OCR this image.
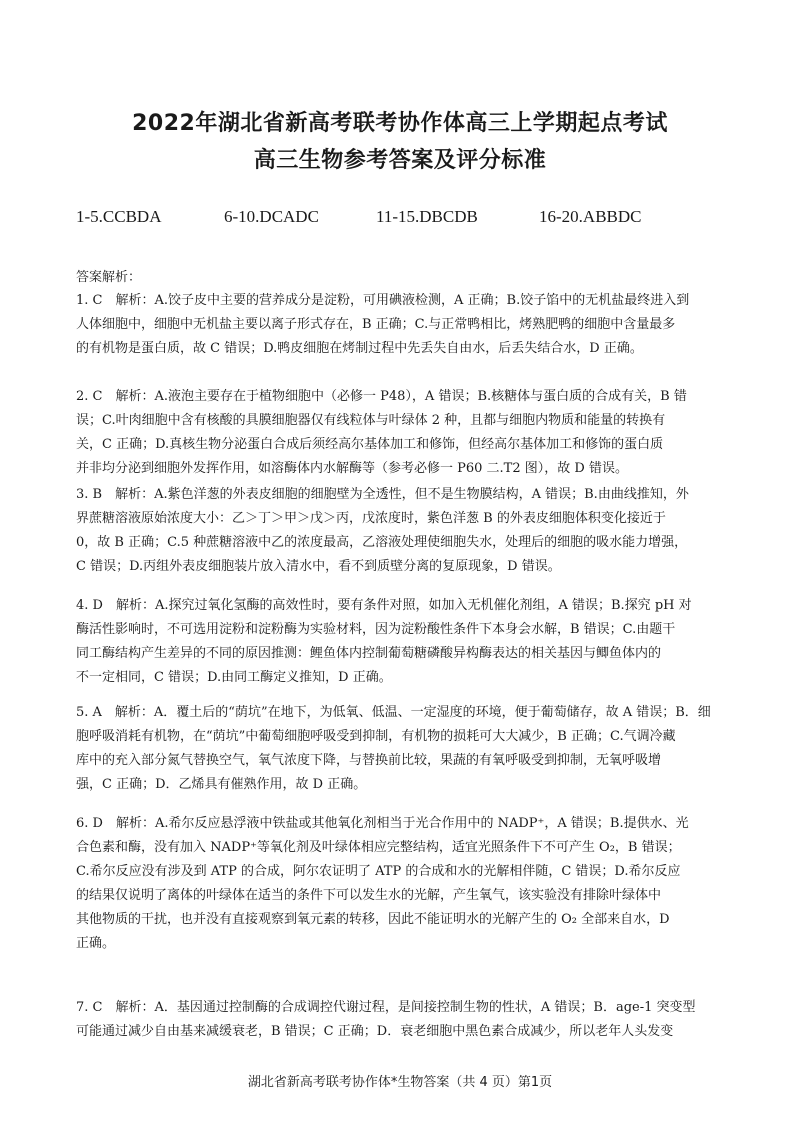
2022年湖北省新高考联考协作体高三上学期起点考试
高三生物参考答案及评分标准
1-5.CCBDA	6-10.DCADC	11-15.DBCDB	16-20.ABBDC
答案解析：
1. C　解析：A.饺子皮中主要的营养成分是淀粉，可用碘液检测，A 正确；B.饺子馅中的无机盐最终进入到
人体细胞中，细胞中无机盐主要以离子形式存在，B 正确；C.与正常鸭相比，烤熟肥鸭的细胞中含量最多
的有机物是蛋白质，故 C 错误；D.鸭皮细胞在烤制过程中先丢失自由水，后丢失结合水，D 正确。
2. C　解析：A.液泡主要存在于植物细胞中（必修一 P48），A 错误；B.核糖体与蛋白质的合成有关，B 错
误；C.叶肉细胞中含有核酸的具膜细胞器仅有线粒体与叶绿体 2 种，且都与细胞内物质和能量的转换有
关，C 正确；D.真核生物分泌蛋白合成后须经高尔基体加工和修饰，但经高尔基体加工和修饰的蛋白质
并非均分泌到细胞外发挥作用，如溶酶体内水解酶等（参考必修一 P60 二.T2 图），故 D 错误。
3. B　解析：A.紫色洋葱的外表皮细胞的细胞壁为全透性，但不是生物膜结构，A 错误；B.由曲线推知，外
界蔗糖溶液原始浓度大小：乙＞丁＞甲＞戊＞丙，戊浓度时，紫色洋葱 B 的外表皮细胞体积变化接近于
0，故 B 正确；C.5 种蔗糖溶液中乙的浓度最高，乙溶液处理使细胞失水，处理后的细胞的吸水能力增强，
C 错误；D.丙组外表皮细胞装片放入清水中，看不到质壁分离的复原现象，D 错误。
4. D　解析：A.探究过氧化氢酶的高效性时，要有条件对照，如加入无机催化剂组，A 错误；B.探究 pH 对
酶活性影响时，不可选用淀粉和淀粉酶为实验材料，因为淀粉酸性条件下本身会水解，B 错误；C.由题干
同工酶结构产生差异的不同的原因推测：鲤鱼体内控制葡萄糖磷酸异构酶表达的相关基因与鲫鱼体内的
不一定相同，C 错误；D.由同工酶定义推知，D 正确。
5. A　解析：A．覆土后的“荫坑”在地下，为低氧、低温、一定湿度的环境，便于葡萄储存，故 A 错误；B．细
胞呼吸消耗有机物，在“荫坑”中葡萄细胞呼吸受到抑制，有机物的损耗可大大减少，B 正确；C.气调冷藏
库中的充入部分氮气替换空气，氧气浓度下降，与替换前比较，果蔬的有氧呼吸受到抑制，无氧呼吸增
强，C 正确；D．乙烯具有催熟作用，故 D 正确。
6. D　解析：A.希尔反应悬浮液中铁盐或其他氧化剂相当于光合作用中的 NADP⁺，A 错误；B.提供水、光
合色素和酶，没有加入 NADP⁺等氧化剂及叶绿体相应完整结构，适宜光照条件下不可产生 O₂，B 错误；
C.希尔反应没有涉及到 ATP 的合成，阿尔农证明了 ATP 的合成和水的光解相伴随，C 错误；D.希尔反应
的结果仅说明了离体的叶绿体在适当的条件下可以发生水的光解，产生氧气，该实验没有排除叶绿体中
其他物质的干扰，也并没有直接观察到氧元素的转移，因此不能证明水的光解产生的 O₂ 全部来自水，D
正确。
7. C　解析：A．基因通过控制酶的合成调控代谢过程，是间接控制生物的性状，A 错误；B．age-1 突变型
可能通过减少自由基来减缓衰老，B 错误；C 正确；D．衰老细胞中黑色素合成减少，所以老年人头发变
湖北省新高考联考协作体*生物答案（共 4 页）第1页
